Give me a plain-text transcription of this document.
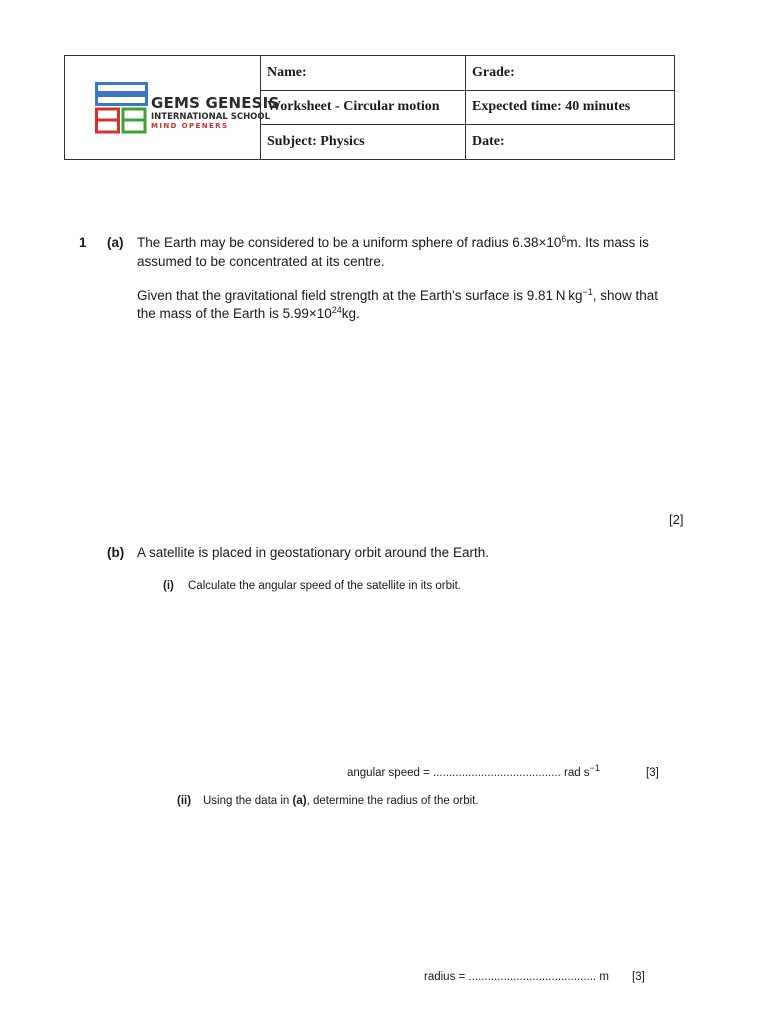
GEMS GENESIS
INTERNATIONAL SCHOOL
MIND OPENERS	Name:	Grade:
	Worksheet - Circular motion	Expected time: 40 minutes
	Subject: Physics	Date:
1 (a) The Earth may be considered to be a uniform sphere of radius $6.38\times 10^6m$. Its mass is
assumed to be concentrated at its centre.
Given that the gravitational field strength at the Earth's surface is 9.81 N $kg^{-1}$, show that
the mass of the Earth is $5.99\times 10^{24}kg$.
[2]
(b) A satellite is placed in geostationary orbit around the Earth.
(i) Calculate the angular speed of the satellite in its orbit.
angular speed = ........................................ rad $s^{-1}$	[3]
(ii) Using the data in (a), determine the radius of the orbit.
radius = ........................................ m [3]
